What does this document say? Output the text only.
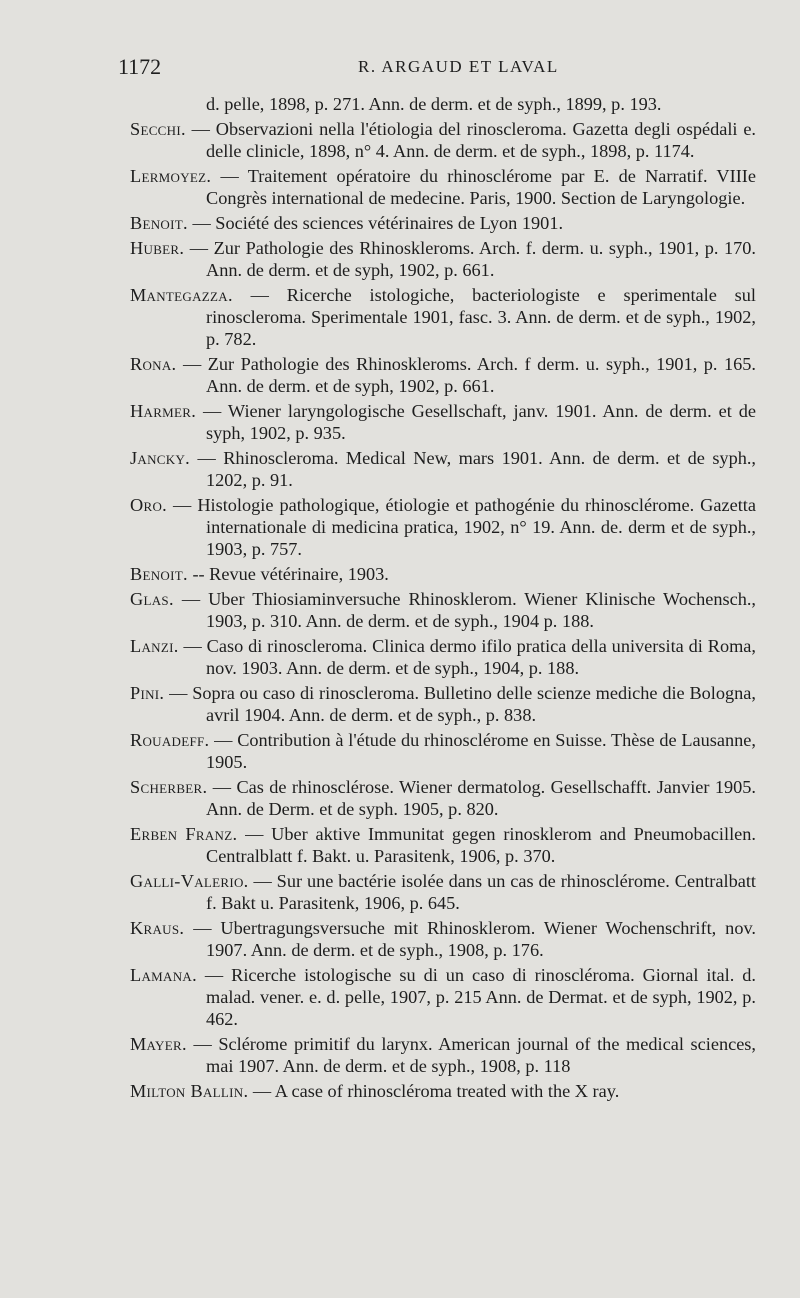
1172	R. ARGAUD ET LAVAL

d. pelle, 1898, p. 271. Ann. de derm. et de syph., 1899, p. 193.

Secchi. — Observazioni nella l'étiologia del rinoscleroma. Gazetta degli ospédali e. delle clinicle, 1898, n° 4. Ann. de derm. et de syph., 1898, p. 1174.

Lermoyez. — Traitement opératoire du rhinosclérome par E. de Narratif. VIIIe Congrès international de medecine. Paris, 1900. Section de Laryngologie.

Benoit. — Société des sciences vétérinaires de Lyon 1901.

Huber. — Zur Pathologie des Rhinoskleroms. Arch. f. derm. u. syph., 1901, p. 170. Ann. de derm. et de syph, 1902, p. 661.

Mantegazza. — Ricerche istologiche, bacteriologiste e sperimentale sul rinoscleroma. Sperimentale 1901, fasc. 3. Ann. de derm. et de syph., 1902, p. 782.

Rona. — Zur Pathologie des Rhinoskleroms. Arch. f derm. u. syph., 1901, p. 165. Ann. de derm. et de syph, 1902, p. 661.

Harmer. — Wiener laryngologische Gesellschaft, janv. 1901. Ann. de derm. et de syph, 1902, p. 935.

Jancky. — Rhinoscleroma. Medical New, mars 1901. Ann. de derm. et de syph., 1202, p. 91.

Oro. — Histologie pathologique, étiologie et pathogénie du rhinosclérome. Gazetta internationale di medicina pratica, 1902, n° 19. Ann. de. derm et de syph., 1903, p. 757.

Benoit. -- Revue vétérinaire, 1903.

Glas. — Uber Thiosiaminversuche Rhinosklerom. Wiener Klinische Wochensch., 1903, p. 310. Ann. de derm. et de syph., 1904 p. 188.

Lanzi. — Caso di rinoscleroma. Clinica dermo ifilo pratica della universita di Roma, nov. 1903. Ann. de derm. et de syph., 1904, p. 188.

Pini. — Sopra ou caso di rinoscleroma. Bulletino delle scienze mediche die Bologna, avril 1904. Ann. de derm. et de syph., p. 838.

Rouadeff. — Contribution à l'étude du rhinosclérome en Suisse. Thèse de Lausanne, 1905.

Scherber. — Cas de rhinosclérose. Wiener dermatolog. Gesellschafft. Janvier 1905. Ann. de Derm. et de syph. 1905, p. 820.

Erben Franz. — Uber aktive Immunitat gegen rinosklerom and Pneumobacillen. Centralblatt f. Bakt. u. Parasitenk, 1906, p. 370.

Galli-Valerio. — Sur une bactérie isolée dans un cas de rhinosclérome. Centralbatt f. Bakt u. Parasitenk, 1906, p. 645.

Kraus. — Ubertragungsversuche mit Rhinosklerom. Wiener Wochenschrift, nov. 1907. Ann. de derm. et de syph., 1908, p. 176.

Lamana. — Ricerche istologische su di un caso di rinoscléroma. Giornal ital. d. malad. vener. e. d. pelle, 1907, p. 215 Ann. de Dermat. et de syph, 1902, p. 462.

Mayer. — Sclérome primitif du larynx. American journal of the medical sciences, mai 1907. Ann. de derm. et de syph., 1908, p. 118

Milton Ballin. — A case of rhinoscléroma treated with the X ray.
